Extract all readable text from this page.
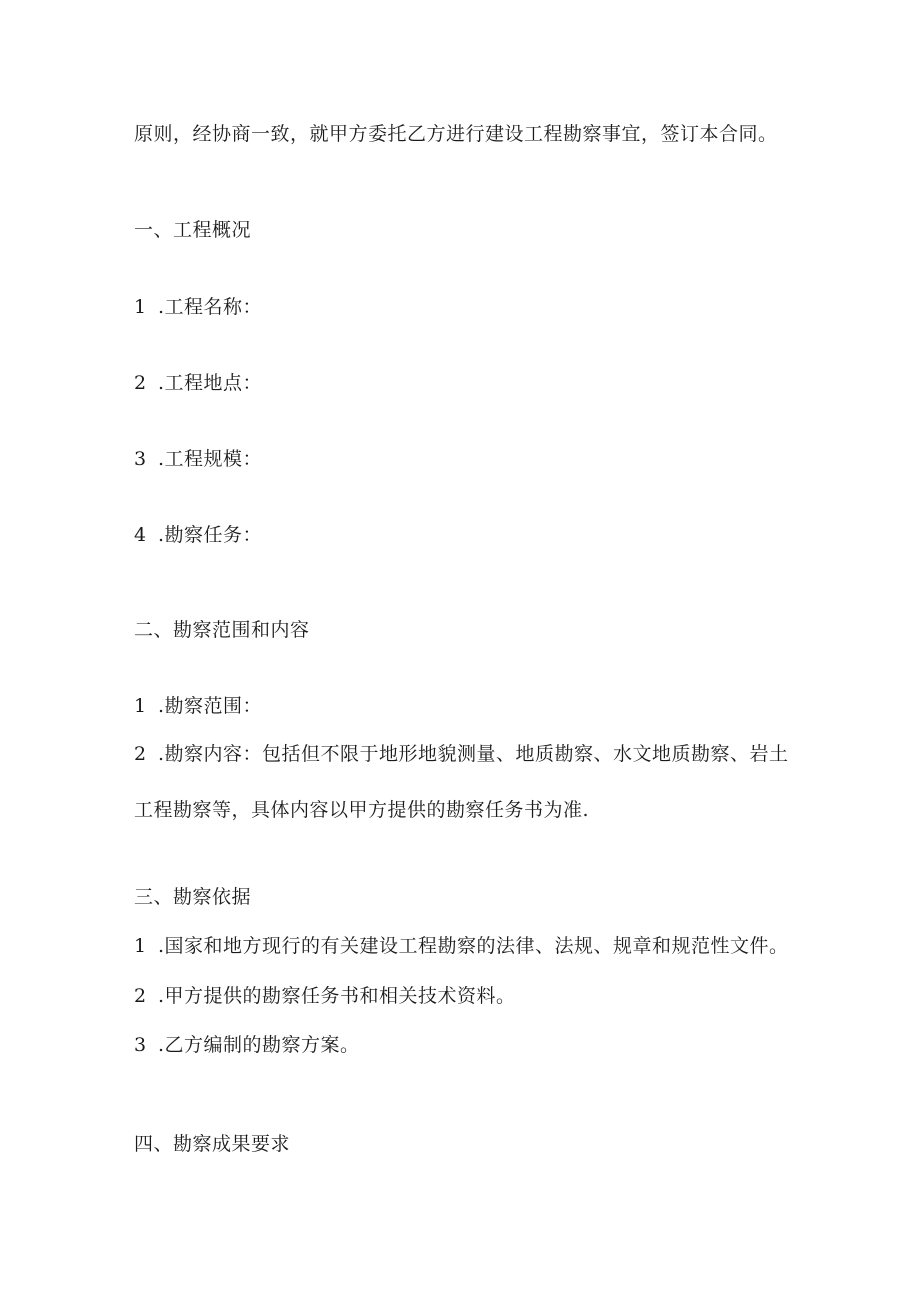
原则，经协商一致，就甲方委托乙方进行建设工程勘察事宜，签订本合同。
一、工程概况
1 .工程名称：
2 .工程地点：
3 .工程规模：
4 .勘察任务：
二、勘察范围和内容
1 .勘察范围：
2 .勘察内容：包括但不限于地形地貌测量、地质勘察、水文地质勘察、岩土
工程勘察等，具体内容以甲方提供的勘察任务书为准.
三、勘察依据
1 .国家和地方现行的有关建设工程勘察的法律、法规、规章和规范性文件。
2 .甲方提供的勘察任务书和相关技术资料。
3 .乙方编制的勘察方案。
四、勘察成果要求
